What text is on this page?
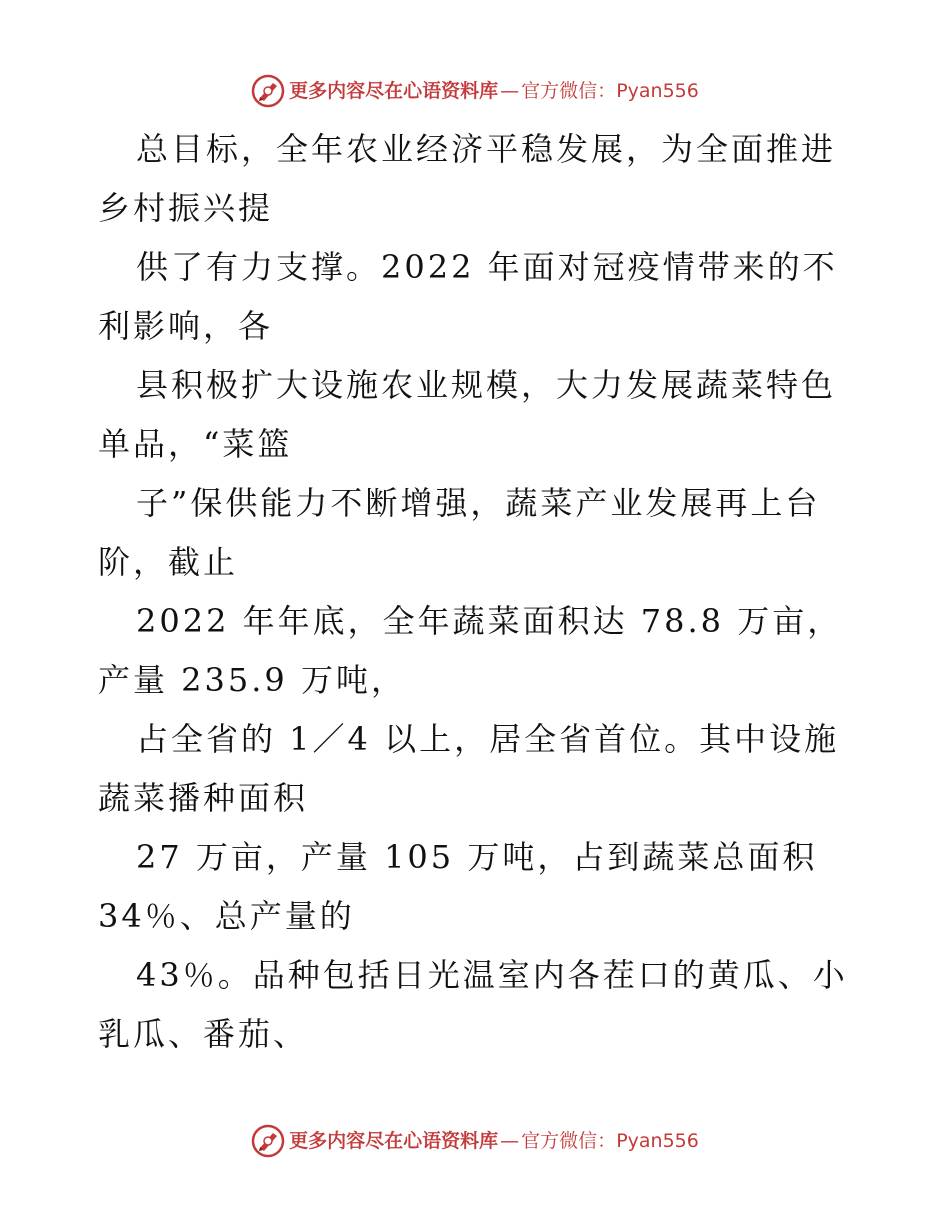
更多内容尽在心语资料库 — 官方微信： Pyan556

总目标，全年农业经济平稳发展，为全面推进乡村振兴提

供了有力支撑。2022 年面对冠疫情带来的不利影响，各

县积极扩大设施农业规模，大力发展蔬菜特色单品，“菜篮

子”保供能力不断增强，蔬菜产业发展再上台阶，截止

2022 年年底，全年蔬菜面积达 78.8 万亩，产量 235.9 万吨，

占全省的 1／4 以上，居全省首位。其中设施蔬菜播种面积

27 万亩，产量 105 万吨，占到蔬菜总面积 34％、总产量的

43％。品种包括日光温室内各茬口的黄瓜、小乳瓜、番茄、

更多内容尽在心语资料库 — 官方微信： Pyan556
